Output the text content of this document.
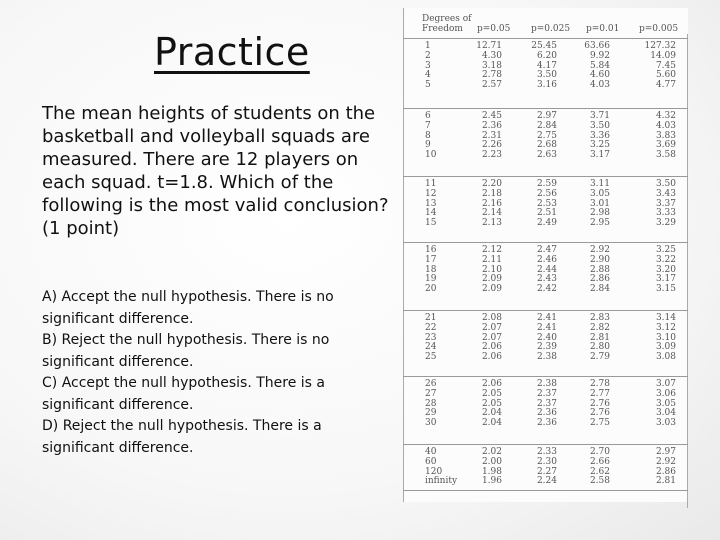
Practice
The mean heights of students on the basketball and volleyball squads are measured. There are 12 players on each squad. t=1.8. Which of the following is the most valid conclusion? (1 point)
A) Accept the null hypothesis. There is no significant difference.
B) Reject the null hypothesis. There is no significant difference.
C) Accept the null hypothesis. There is a significant difference.
D) Reject the null hypothesis. There is a significant difference.
Degrees of
Freedom p=0.05 p=0.025 p=0.01 p=0.005
1	12.71	25.45	63.66	127.32
2	4.30	6.20	9.92	14.09
3	3.18	4.17	5.84	7.45
4	2.78	3.50	4.60	5.60
5	2.57	3.16	4.03	4.77
6	2.45	2.97	3.71	4.32
7	2.36	2.84	3.50	4.03
8	2.31	2.75	3.36	3.83
9	2.26	2.68	3.25	3.69
10	2.23	2.63	3.17	3.58
11	2.20	2.59	3.11	3.50
12	2.18	2.56	3.05	3.43
13	2.16	2.53	3.01	3.37
14	2.14	2.51	2.98	3.33
15	2.13	2.49	2.95	3.29
16	2.12	2.47	2.92	3.25
17	2.11	2.46	2.90	3.22
18	2.10	2.44	2.88	3.20
19	2.09	2.43	2.86	3.17
20	2.09	2.42	2.84	3.15
21	2.08	2.41	2.83	3.14
22	2.07	2.41	2.82	3.12
23	2.07	2.40	2.81	3.10
24	2.06	2.39	2.80	3.09
25	2.06	2.38	2.79	3.08
26	2.06	2.38	2.78	3.07
27	2.05	2.37	2.77	3.06
28	2.05	2.37	2.76	3.05
29	2.04	2.36	2.76	3.04
30	2.04	2.36	2.75	3.03
40	2.02	2.33	2.70	2.97
60	2.00	2.30	2.66	2.92
120	1.98	2.27	2.62	2.86
infinity	1.96	2.24	2.58	2.81
